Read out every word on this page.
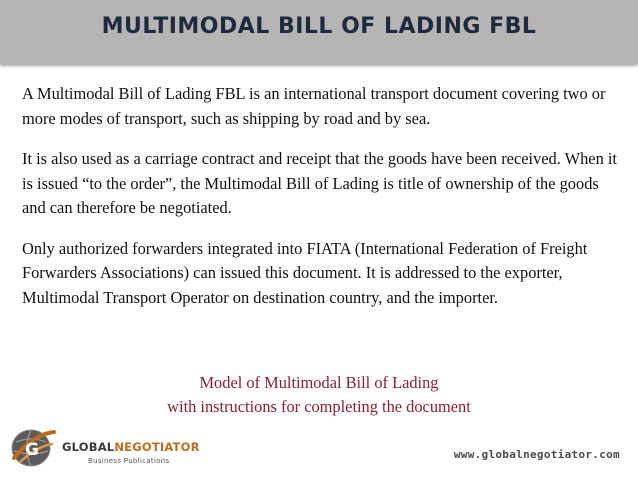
MULTIMODAL BILL OF LADING FBL

A Multimodal Bill of Lading FBL is an international transport document covering two or more modes of transport, such as shipping by road and by sea.

It is also used as a carriage contract and receipt that the goods have been received. When it is issued “to the order”, the Multimodal Bill of Lading is title of ownership of the goods and can therefore be negotiated.

Only authorized forwarders integrated into FIATA (International Federation of Freight Forwarders Associations) can issued this document. It is addressed to the exporter, Multimodal Transport Operator on destination country, and the importer.

Model of Multimodal Bill of Lading
with instructions for completing the document
G GLOBALNEGOTIATOR
Business Publications	www.globalnegotiator.com
